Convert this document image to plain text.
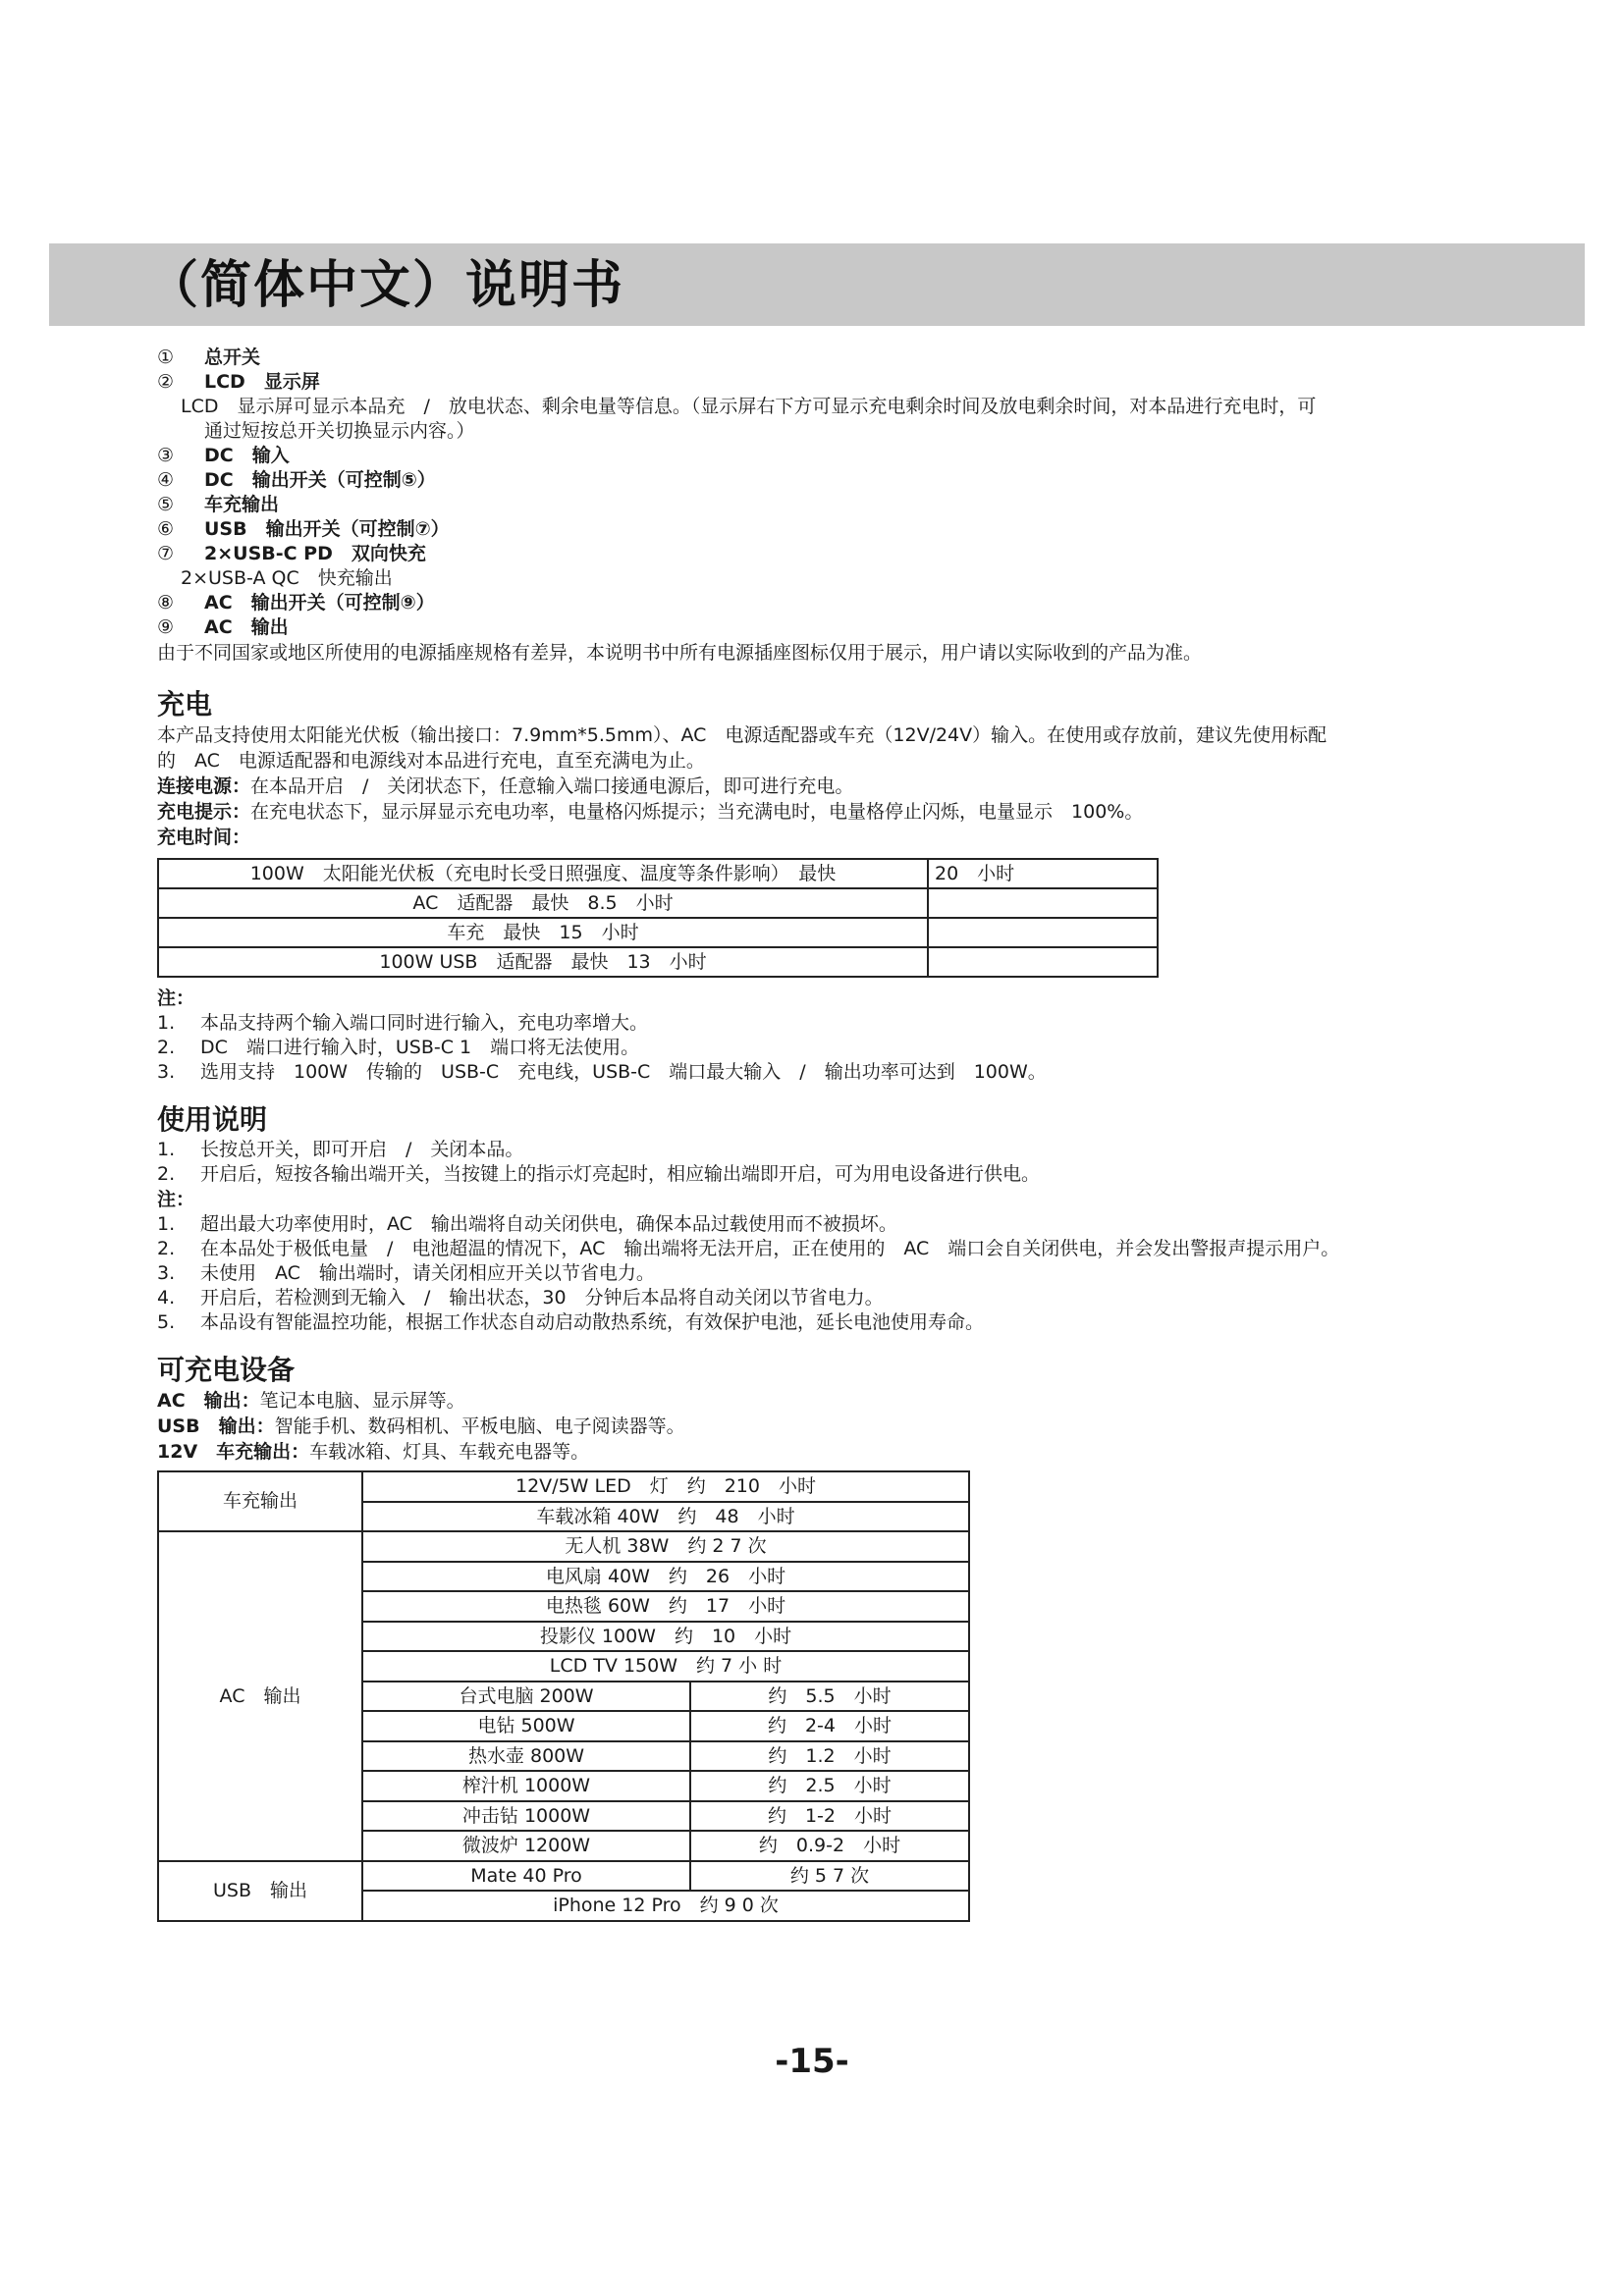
（简体中文）说明书
①	总开关
②	LCD　显示屏
LCD　显示屏可显示本品充　/　放电状态、剩余电量等信息。（显示屏右下方可显示充电剩余时间及放电剩余时间，对本品进行充电时，可
通过短按总开关切换显示内容。）
③	DC　输入
④	DC　输出开关（可控制⑤）
⑤	车充输出
⑥	USB　输出开关（可控制⑦）
⑦	2×USB-C PD　双向快充
2×USB-A QC　快充输出
⑧	AC　输出开关（可控制⑨）
⑨	AC　输出
由于不同国家或地区所使用的电源插座规格有差异，本说明书中所有电源插座图标仅用于展示，用户请以实际收到的产品为准。
充电
本产品支持使用太阳能光伏板（输出接口：7.9mm*5.5mm）、AC　电源适配器或车充（12V/24V）输入。在使用或存放前，建议先使用标配
的　AC　电源适配器和电源线对本品进行充电，直至充满电为止。
连接电源：在本品开启　/　关闭状态下，任意输入端口接通电源后，即可进行充电。
充电提示：在充电状态下，显示屏显示充电功率，电量格闪烁提示；当充满电时，电量格停止闪烁，电量显示　100%。
充电时间：
100W　太阳能光伏板（充电时长受日照强度、温度等条件影响）　最快	20　小时
AC　适配器　最快　8.5　小时	
车充　最快　15　小时	
100W USB　适配器　最快　13　小时	
注：
1.	本品支持两个输入端口同时进行输入，充电功率增大。
2.	DC　端口进行输入时，USB-C 1　端口将无法使用。
3.	选用支持　100W　传输的　USB-C　充电线，USB-C　端口最大输入　/　输出功率可达到　100W。
使用说明
1.	长按总开关，即可开启　/　关闭本品。
2.	开启后，短按各输出端开关，当按键上的指示灯亮起时，相应输出端即开启，可为用电设备进行供电。
注：
1.	超出最大功率使用时，AC　输出端将自动关闭供电，确保本品过载使用而不被损坏。
2.	在本品处于极低电量　/　电池超温的情况下，AC　输出端将无法开启，正在使用的　AC　端口会自关闭供电，并会发出警报声提示用户。
3.	未使用　AC　输出端时，请关闭相应开关以节省电力。
4.	开启后，若检测到无输入　/　输出状态，30　分钟后本品将自动关闭以节省电力。
5.	本品设有智能温控功能，根据工作状态自动启动散热系统，有效保护电池，延长电池使用寿命。
可充电设备
AC　输出：笔记本电脑、显示屏等。
USB　输出：智能手机、数码相机、平板电脑、电子阅读器等。
12V　车充输出：车载冰箱、灯具、车载充电器等。
车充输出	12V/5W LED　灯　约　210　小时	
	车载冰箱 40W　约　48　小时	
AC　输出	无人机 38W　约 2 7 次	
	电风扇 40W　约　26　小时	
	电热毯 60W　约　17　小时	
	投影仪 100W　约　10　小时	
	LCD TV 150W　约 7 小 时	
	台式电脑 200W	约　5.5　小时
	电钻 500W	约　2-4　小时
	热水壶 800W	约　1.2　小时
	榨汁机 1000W	约　2.5　小时
	冲击钻 1000W	约　1-2　小时
	微波炉 1200W	约　0.9-2　小时
USB　输出	Mate 40 Pro	约 5 7 次
	iPhone 12 Pro　约 9 0 次	
-15-
